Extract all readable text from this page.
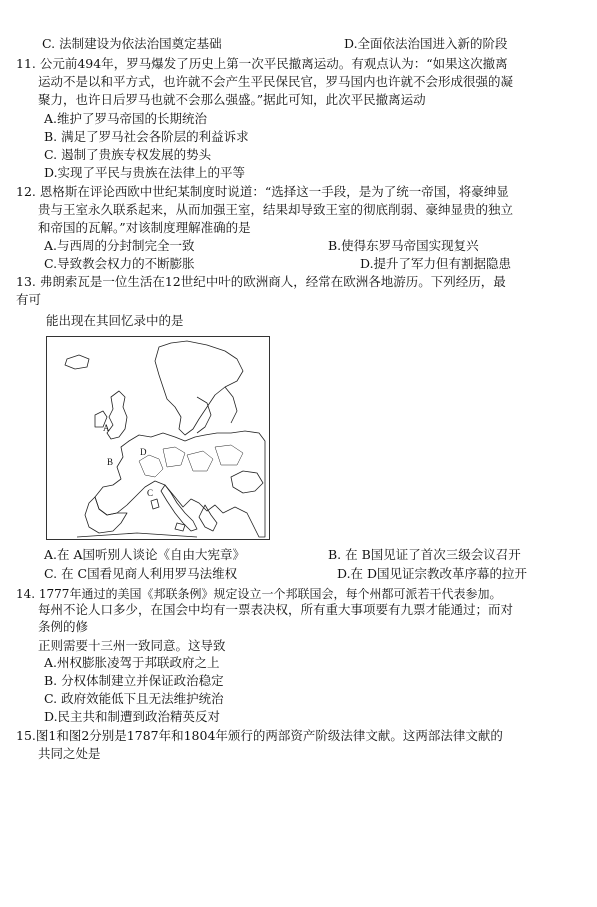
C. 法制建设为依法治国奠定基础	D.全面依法治国进入新的阶段
11. 公元前494年，罗马爆发了历史上第一次平民撤离运动。有观点认为：“如果这次撤离
运动不是以和平方式，也许就不会产生平民保民官，罗马国内也许就不会形成很强的凝
聚力，也许日后罗马也就不会那么强盛。”据此可知，此次平民撤离运动
A.维护了罗马帝国的长期统治
B. 满足了罗马社会各阶层的利益诉求
C. 遏制了贵族专权发展的势头
D.实现了平民与贵族在法律上的平等
12. 恩格斯在评论西欧中世纪某制度时说道：“选择这一手段，是为了统一帝国，将豪绅显
贵与王室永久联系起来，从而加强王室，结果却导致王室的彻底削弱、豪绅显贵的独立
和帝国的瓦解。”对该制度理解准确的是
A.与西周的分封制完全一致	B.使得东罗马帝国实现复兴
C.导致教会权力的不断膨胀	D.提升了军力但有割据隐患
13. 弗朗索瓦是一位生活在12世纪中叶的欧洲商人，经常在欧洲各地游历。下列经历，最
有可
能出现在其回忆录中的是
A
B
C
D
A.在 A国听别人谈论《自由大宪章》	B. 在 B国见证了首次三级会议召开
C. 在 C国看见商人利用罗马法维权	D.在 D国见证宗教改革序幕的拉开
14. 1777年通过的美国《邦联条例》规定设立一个邦联国会，每个州都可派若干代表参加。
每州不论人口多少，在国会中均有一票表决权，所有重大事项要有九票才能通过；而对
条例的修
正则需要十三州一致同意。这导致
A.州权膨胀凌驾于邦联政府之上
B. 分权体制建立并保证政治稳定
C. 政府效能低下且无法维护统治
D.民主共和制遭到政治精英反对
15.图1和图2分别是1787年和1804年颁行的两部资产阶级法律文献。这两部法律文献的
共同之处是
